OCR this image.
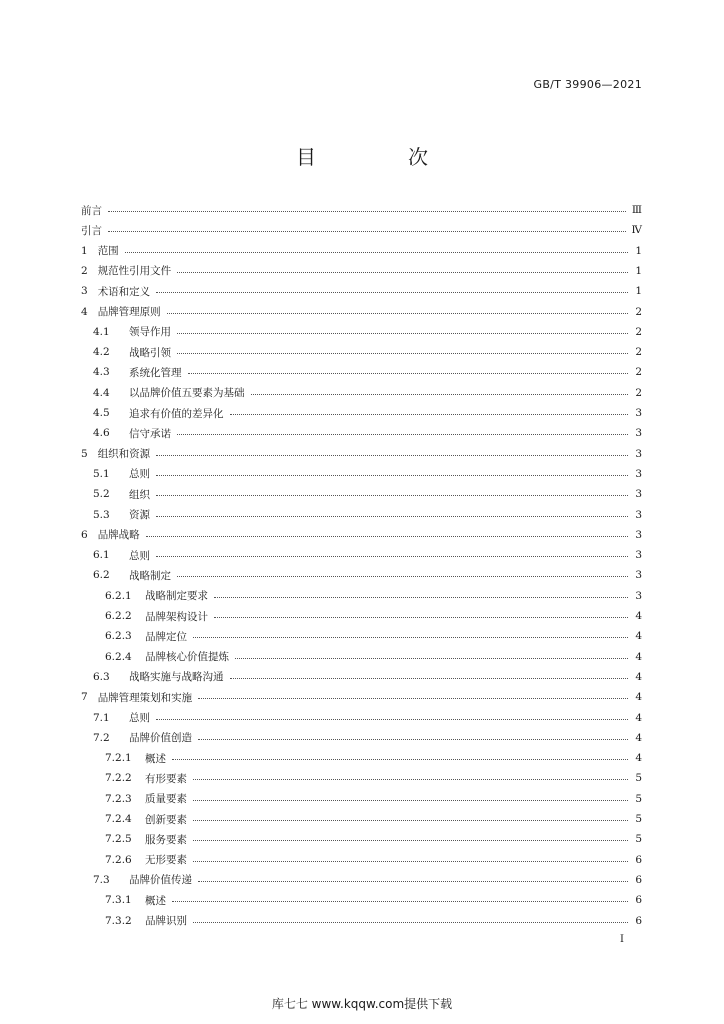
GB/T 39906—2021
目　次
前言	Ⅲ
引言	Ⅳ
1 范围	1
2 规范性引用文件	1
3 术语和定义	1
4 品牌管理原则	2
4.1	领导作用	2
4.2	战略引领	2
4.3	系统化管理	2
4.4	以品牌价值五要素为基础	2
4.5	追求有价值的差异化	3
4.6	信守承诺	3
5 组织和资源	3
5.1	总则	3
5.2	组织	3
5.3	资源	3
6 品牌战略	3
6.1	总则	3
6.2	战略制定	3
6.2.1	战略制定要求	3
6.2.2	品牌架构设计	4
6.2.3	品牌定位	4
6.2.4	品牌核心价值提炼	4
6.3	战略实施与战略沟通	4
7 品牌管理策划和实施	4
7.1	总则	4
7.2	品牌价值创造	4
7.2.1	概述	4
7.2.2	有形要素	5
7.2.3	质量要素	5
7.2.4	创新要素	5
7.2.5	服务要素	5
7.2.6	无形要素	6
7.3	品牌价值传递	6
7.3.1	概述	6
7.3.2	品牌识别	6
I
库七七 www.kqqw.com提供下载
